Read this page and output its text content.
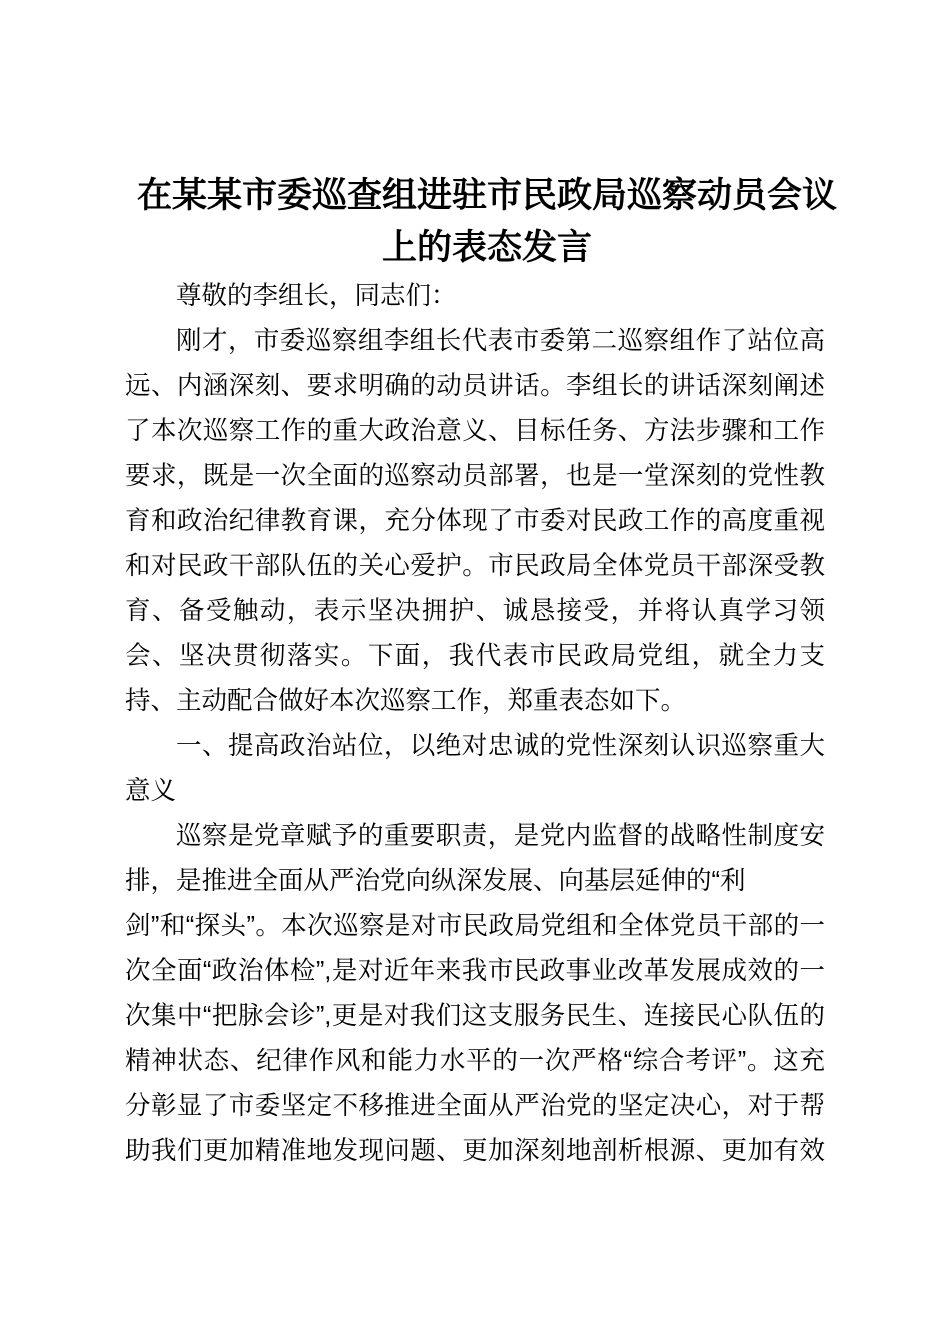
在某某市委巡查组进驻市民政局巡察动员会议
上的表态发言
尊敬的李组长，同志们：
刚才，市委巡察组李组长代表市委第二巡察组作了站位高
远、内涵深刻、要求明确的动员讲话。李组长的讲话深刻阐述
了本次巡察工作的重大政治意义、目标任务、方法步骤和工作
要求，既是一次全面的巡察动员部署，也是一堂深刻的党性教
育和政治纪律教育课，充分体现了市委对民政工作的高度重视
和对民政干部队伍的关心爱护。市民政局全体党员干部深受教
育、备受触动，表示坚决拥护、诚恳接受，并将认真学习领
会、坚决贯彻落实。下面，我代表市民政局党组，就全力支
持、主动配合做好本次巡察工作，郑重表态如下。
一、提高政治站位，以绝对忠诚的党性深刻认识巡察重大
意义
巡察是党章赋予的重要职责，是党内监督的战略性制度安
排，是推进全面从严治党向纵深发展、向基层延伸的“利
剑”和“探头”。本次巡察是对市民政局党组和全体党员干部的一
次全面“政治体检”,是对近年来我市民政事业改革发展成效的一
次集中“把脉会诊”,更是对我们这支服务民生、连接民心队伍的
精神状态、纪律作风和能力水平的一次严格“综合考评”。这充
分彰显了市委坚定不移推进全面从严治党的坚定决心，对于帮
助我们更加精准地发现问题、更加深刻地剖析根源、更加有效
